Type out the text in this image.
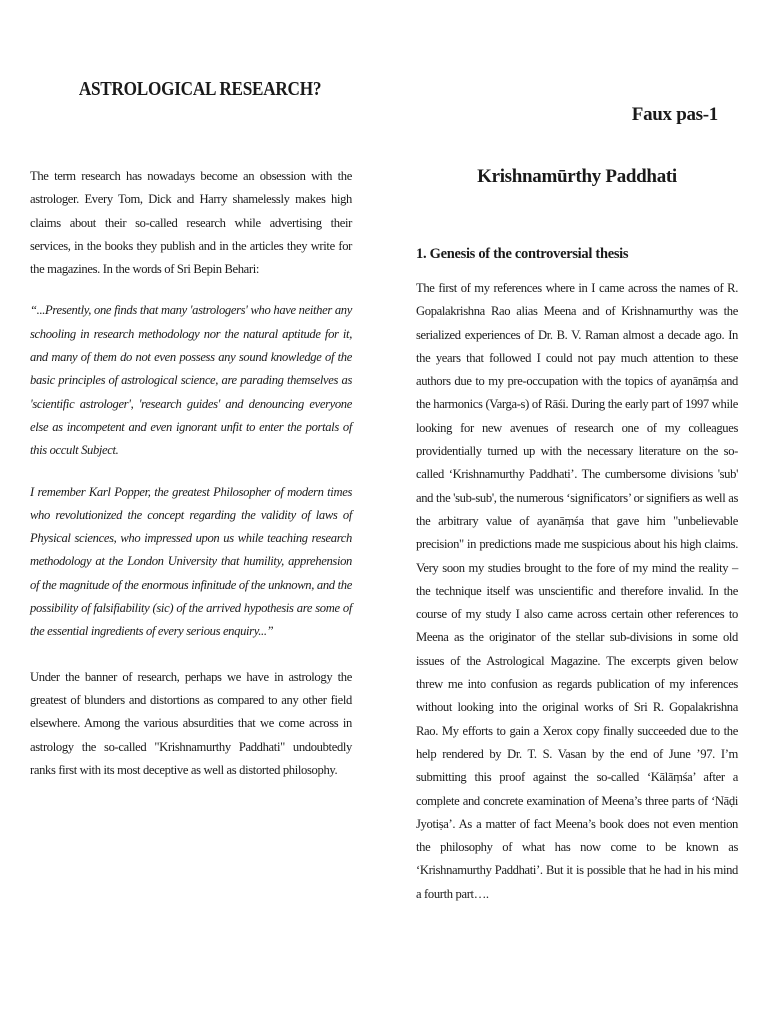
ASTROLOGICAL RESEARCH?

The term research has nowadays become an obsession with the astrologer. Every Tom, Dick and Harry shamelessly makes high claims about their so-called research while advertising their services, in the books they publish and in the articles they write for the magazines. In the words of Sri Bepin Behari:

“...Presently, one finds that many 'astrologers' who have neither any schooling in research methodology nor the natural aptitude for it, and many of them do not even possess any sound knowledge of the basic principles of astrological science, are parading themselves as 'scientific astrologer', 'research guides' and denouncing everyone else as incompetent and even ignorant unfit to enter the portals of this occult Subject.

I remember Karl Popper, the greatest Philosopher of modern times who revolutionized the concept regarding the validity of laws of Physical sciences, who impressed upon us while teaching research methodology at the London University that humility, apprehension of the magnitude of the enormous infinitude of the unknown, and the possibility of falsifiability (sic) of the arrived hypothesis are some of the essential ingredients of every serious enquiry...”

Under the banner of research, perhaps we have in astrology the greatest of blunders and distortions as compared to any other field elsewhere. Among the various absurdities that we come across in astrology the so-called "Krishnamurthy Paddhati" undoubtedly ranks first with its most deceptive as well as distorted philosophy.

Faux pas-1
Krishnamūrthy Paddhati
1. Genesis of the controversial thesis

The first of my references where in I came across the names of R. Gopalakrishna Rao alias Meena and of Krishnamurthy was the serialized experiences of Dr. B. V. Raman almost a decade ago. In the years that followed I could not pay much attention to these authors due to my pre-occupation with the topics of ayanāṃśa and the harmonics (Varga-s) of Rāśi. During the early part of 1997 while looking for new avenues of research one of my colleagues providentially turned up with the necessary literature on the so-called ‘Krishnamurthy Paddhati’. The cumbersome divisions 'sub' and the 'sub-sub', the numerous ‘significators’ or signifiers as well as the arbitrary value of ayanāṃśa that gave him "unbelievable precision" in predictions made me suspicious about his high claims. Very soon my studies brought to the fore of my mind the reality – the technique itself was unscientific and therefore invalid. In the course of my study I also came across certain other references to Meena as the originator of the stellar sub-divisions in some old issues of the Astrological Magazine. The excerpts given below threw me into confusion as regards publication of my inferences without looking into the original works of Sri R. Gopalakrishna Rao. My efforts to gain a Xerox copy finally succeeded due to the help rendered by Dr. T. S. Vasan by the end of June ’97. I’m submitting this proof against the so-called ‘Kālāṃśa’ after a complete and concrete examination of Meena’s three parts of ‘Nāḍi Jyotiṣa’. As a matter of fact Meena’s book does not even mention the philosophy of what has now come to be known as ‘Krishnamurthy Paddhati’. But it is possible that he had in his mind a fourth part….
